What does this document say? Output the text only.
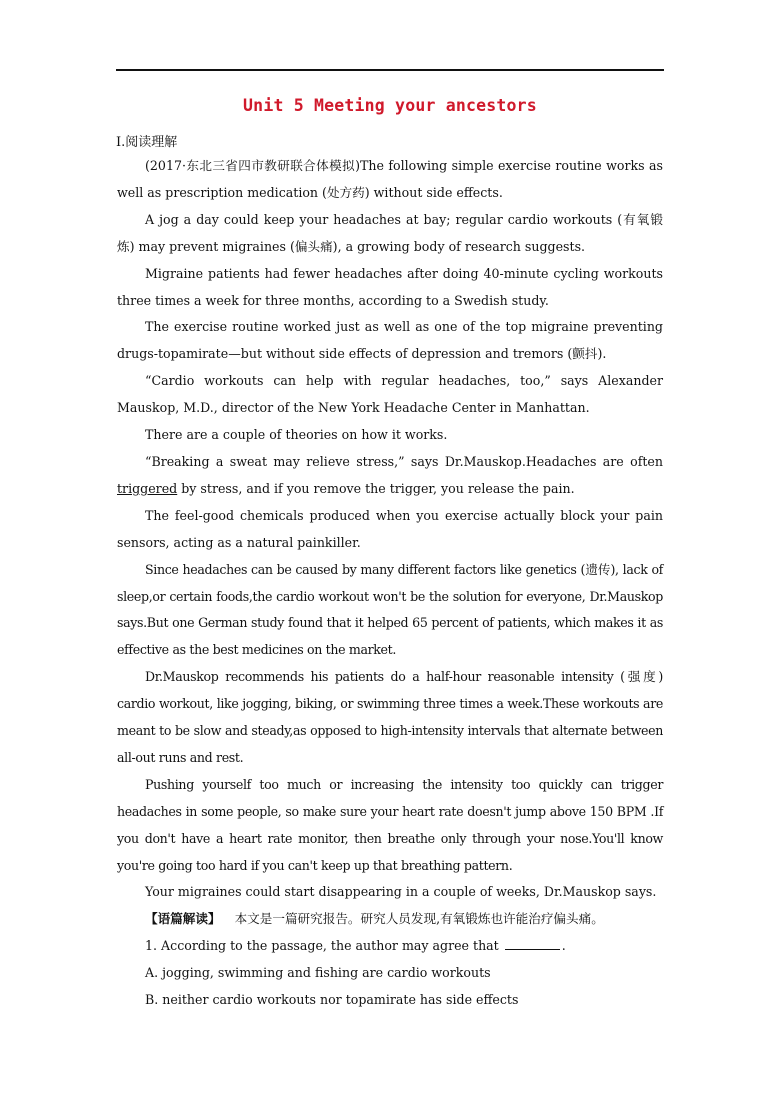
Unit 5 Meeting your ancestors
Ⅰ.阅读理解

(2017·东北三省四市教研联合体模拟)The following simple exercise routine works as well as prescription medication (处方药) without side effects.

A jog a day could keep your headaches at bay; regular cardio workouts (有氧锻炼) may prevent migraines (偏头痛), a growing body of research suggests.

Migraine patients had fewer headaches after doing 40-minute cycling workouts three times a week for three months, according to a Swedish study.

The exercise routine worked just as well as one of the top migraine preventing drugs-topamirate—but without side effects of depression and tremors (颤抖).

“Cardio workouts can help with regular headaches, too,” says Alexander Mauskop, M.D., director of the New York Headache Center in Manhattan.

There are a couple of theories on how it works.

“Breaking a sweat may relieve stress,” says Dr.Mauskop.Headaches are often triggered by stress, and if you remove the trigger, you release the pain.

The feel-good chemicals produced when you exercise actually block your pain sensors, acting as a natural painkiller.

Since headaches can be caused by many different factors like genetics (遗传), lack of sleep,or certain foods,the cardio workout won't be the solution for everyone, Dr.Mauskop says.But one German study found that it helped 65 percent of patients, which makes it as effective as the best medicines on the market.

Dr.Mauskop recommends his patients do a half-hour reasonable intensity (强度) cardio workout, like jogging, biking, or swimming three times a week.These workouts are meant to be slow and steady,as opposed to high-intensity intervals that alternate between all-out runs and rest.

Pushing yourself too much or increasing the intensity too quickly can trigger headaches in some people, so make sure your heart rate doesn't jump above 150 BPM .If you don't have a heart rate monitor, then breathe only through your nose.You'll know you're going too hard if you can't keep up that breathing pattern.

Your migraines could start disappearing in a couple of weeks, Dr.Mauskop says.

【语篇解读】 本文是一篇研究报告。研究人员发现,有氧锻炼也许能治疗偏头痛。

1. According to the passage, the author may agree that	.

A. jogging, swimming and fishing are cardio workouts

B. neither cardio workouts nor topamirate has side effects
